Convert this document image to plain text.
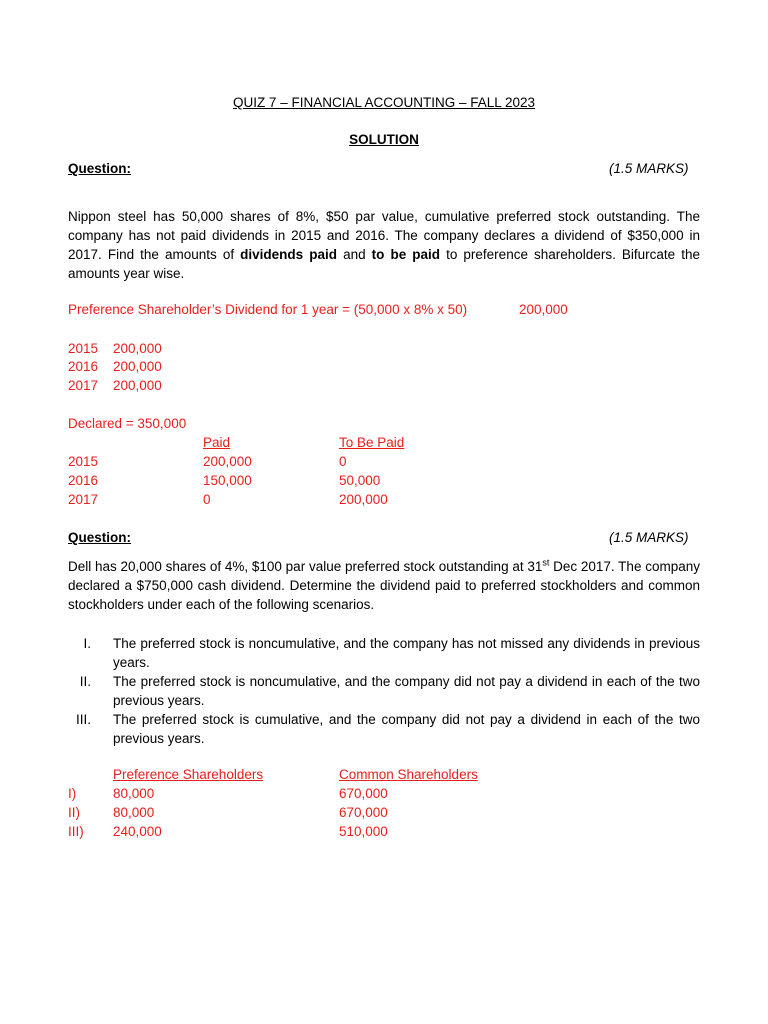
QUIZ 7 – FINANCIAL ACCOUNTING – FALL 2023
SOLUTION
Question:	(1.5 MARKS)
Nippon steel has 50,000 shares of 8%, $50 par value, cumulative preferred stock outstanding. The company has not paid dividends in 2015 and 2016. The company declares a dividend of $350,000 in 2017. Find the amounts of dividends paid and to be paid to preference shareholders. Bifurcate the amounts year wise.
Preference Shareholder’s Dividend for 1 year = (50,000 x 8% x 50)	200,000
2015 200,000
2016 200,000
2017 200,000
Declared = 350,000
Paid	To Be Paid
2015	200,000	0
2016	150,000	50,000
2017	0	200,000
Question:	(1.5 MARKS)
Dell has 20,000 shares of 4%, $100 par value preferred stock outstanding at 31st Dec 2017. The company declared a $750,000 cash dividend. Determine the dividend paid to preferred stockholders and common stockholders under each of the following scenarios.
I. The preferred stock is noncumulative, and the company has not missed any dividends in previous years.
II. The preferred stock is noncumulative, and the company did not pay a dividend in each of the two previous years.
III. The preferred stock is cumulative, and the company did not pay a dividend in each of the two previous years.
Preference Shareholders	Common Shareholders
I)	80,000	670,000
II) 80,000	670,000
III) 240,000	510,000
